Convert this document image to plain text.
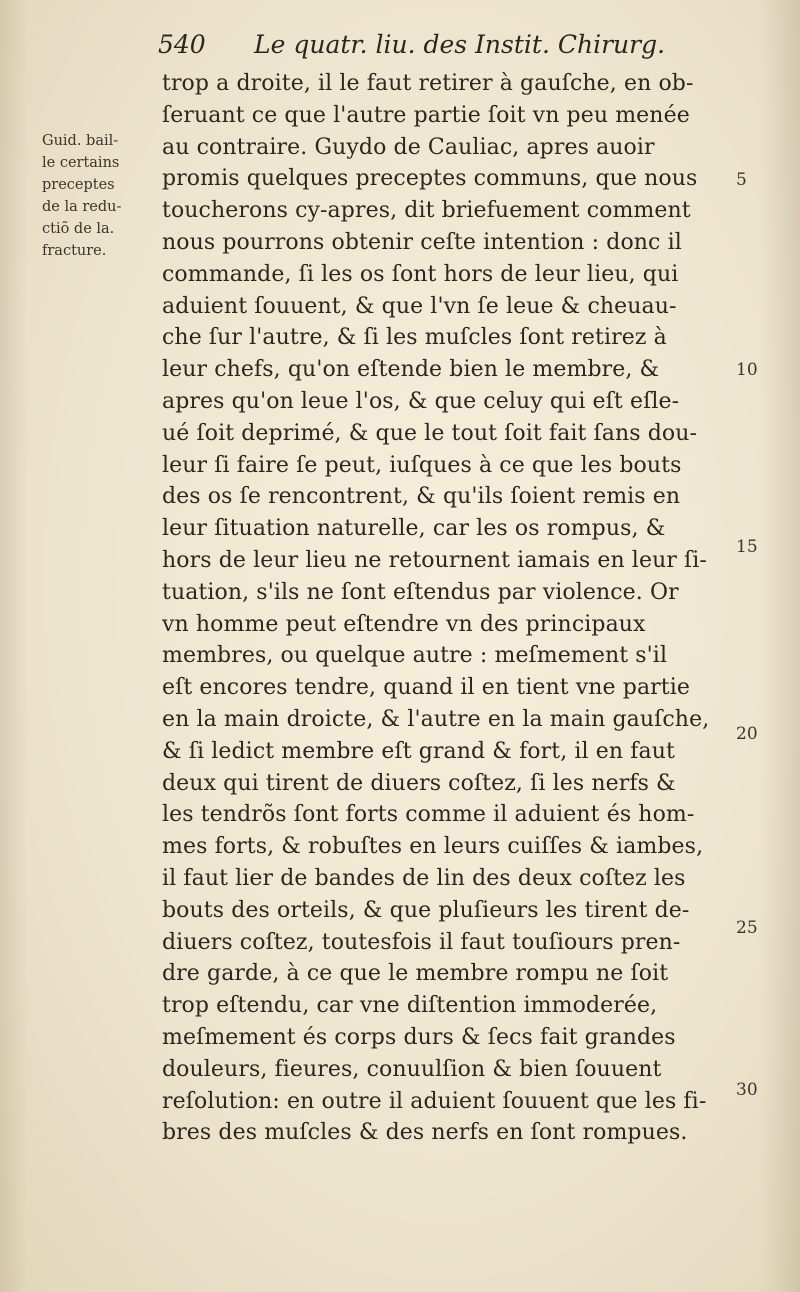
540 Le quatr. liu. des Instit. Chirurg.
Guid. bail-
le certains
preceptes
de la redu-
ctiõ de la.
fracture.
trop a droite, il le faut retirer à gauſche, en ob-
ſeruant ce que l'autre partie ſoit vn peu menée
au contraire. Guydo de Cauliac, apres auoir
promis quelques preceptes communs, que nous
toucherons cy-apres, dit briefuement comment
nous pourrons obtenir ceſte intention : donc il
commande, ſi les os ſont hors de leur lieu, qui
aduient ſouuent, & que l'vn ſe leue & cheuau-
che ſur l'autre, & ſi les muſcles ſont retirez à
leur chefs, qu'on eſtende bien le membre, &
apres qu'on leue l'os, & que celuy qui eſt eſle-
ué ſoit deprimé, & que le tout ſoit fait ſans dou-
leur ſi faire ſe peut, iuſques à ce que les bouts
des os ſe rencontrent, & qu'ils ſoient remis en
leur ſituation naturelle, car les os rompus, &
hors de leur lieu ne retournent iamais en leur ſi-
tuation, s'ils ne ſont eſtendus par violence. Or
vn homme peut eſtendre vn des principaux
membres, ou quelque autre : meſmement s'il
eſt encores tendre, quand il en tient vne partie
en la main droicte, & l'autre en la main gauſche,
& ſi ledict membre eſt grand & fort, il en faut
deux qui tirent de diuers coſtez, ſi les nerfs &
les tendrõs ſont forts comme il aduient és hom-
mes forts, & robuſtes en leurs cuiſſes & iambes,
il faut lier de bandes de lin des deux coſtez les
bouts des orteils, & que pluſieurs les tirent de-
diuers coſtez, toutesfois il faut touſiours pren-
dre garde, à ce que le membre rompu ne ſoit
trop eſtendu, car vne diſtention immoderée,
meſmement és corps durs & ſecs fait grandes
douleurs, fieures, conuulſion & bien ſouuent
reſolution: en outre il aduient ſouuent que les fi-
bres des muſcles & des nerfs en ſont rompues.
5
10
15
20
25
30
